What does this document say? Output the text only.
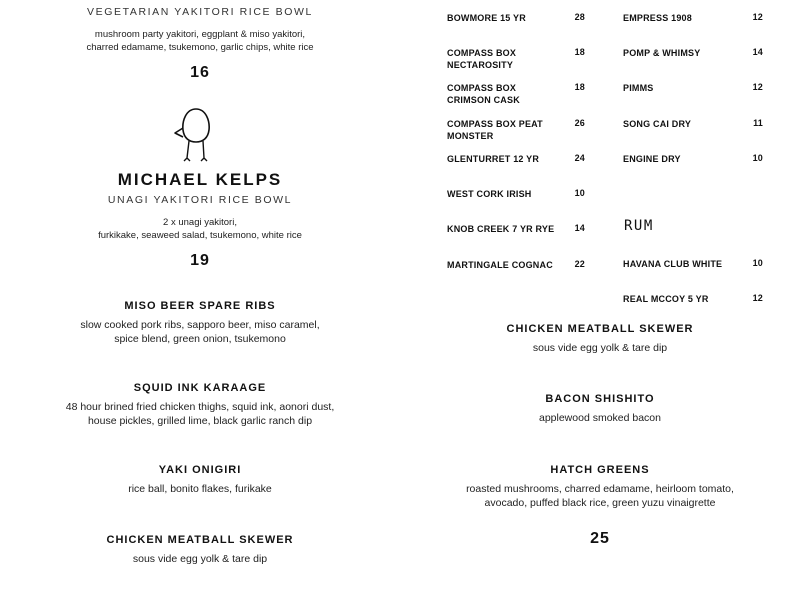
VEGETARIAN YAKITORI RICE BOWL
mushroom party yakitori, eggplant & miso yakitori,
charred edamame, tsukemono, garlic chips, white rice
16
MICHAEL KELPS
UNAGI YAKITORI RICE BOWL
2 x unagi yakitori,
furkikake, seaweed salad, tsukemono, white rice
19
MISO BEER SPARE RIBS
slow cooked pork ribs, sapporo beer, miso caramel,
spice blend, green onion, tsukemono
SQUID INK KARAAGE
48 hour brined fried chicken thighs, squid ink, aonori dust,
house pickles, grilled lime, black garlic ranch dip
YAKI ONIGIRI
rice ball, bonito flakes, furikake
CHICKEN MEATBALL SKEWER
sous vide egg yolk & tare dip
BOWMORE 15 YR	28
COMPASS BOX NECTAROSITY
18
COMPASS BOX CRIMSON CASK
18
COMPASS BOX PEAT MONSTER
26
GLENTURRET 12 YR	24
WEST CORK IRISH	10
KNOB CREEK 7 YR RYE	14
MARTINGALE COGNAC	22
EMPRESS 1908	12
POMP & WHIMSY	14
PIMMS	12
SONG CAI DRY	11
ENGINE DRY	10
HAVANA CLUB WHITE	10
REAL MCCOY 5 YR	12
RUM
CHICKEN MEATBALL SKEWER
sous vide egg yolk & tare dip
BACON SHISHITO
applewood smoked bacon
HATCH GREENS
roasted mushrooms, charred edamame, heirloom tomato,
avocado, puffed black rice, green yuzu vinaigrette
25
